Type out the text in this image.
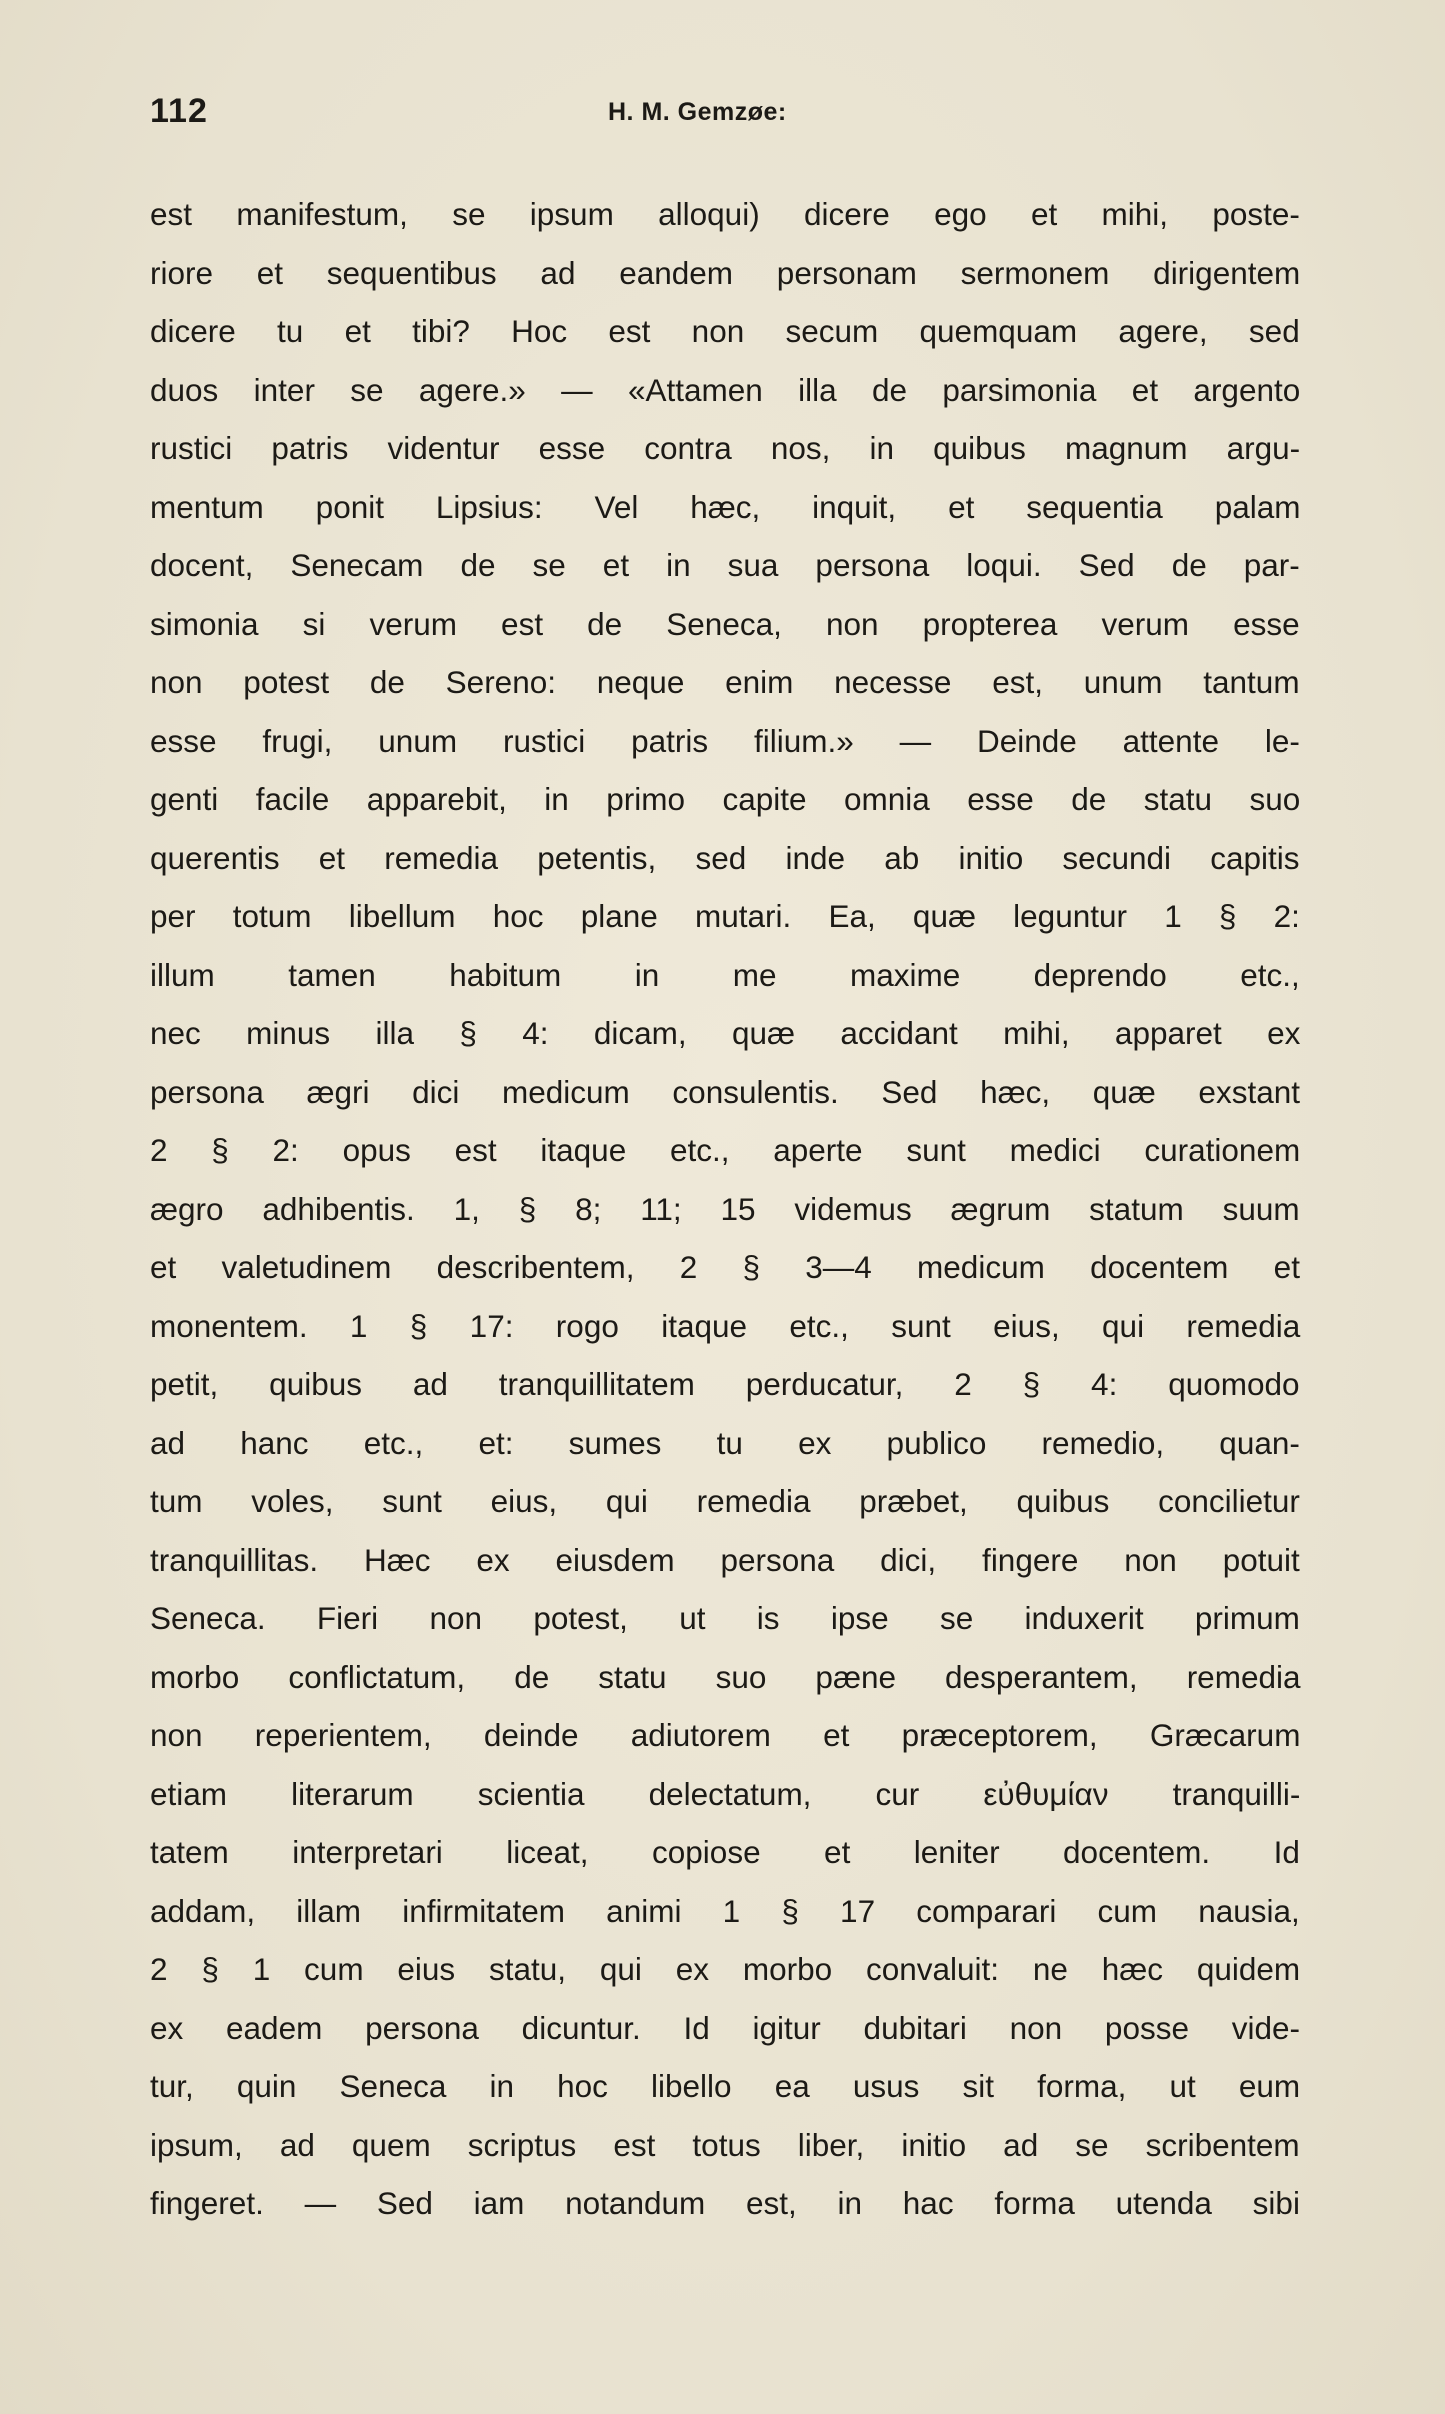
112	H. M. Gemzøe:
est manifestum, se ipsum alloqui) dicere ego et mihi, poste-
riore et sequentibus ad eandem personam sermonem dirigentem
dicere tu et tibi? Hoc est non secum quemquam agere, sed
duos inter se agere.» — «Attamen illa de parsimonia et argento
rustici patris videntur esse contra nos, in quibus magnum argu-
mentum ponit Lipsius: Vel hæc, inquit, et sequentia palam
docent, Senecam de se et in sua persona loqui. Sed de par-
simonia si verum est de Seneca, non propterea verum esse
non potest de Sereno: neque enim necesse est, unum tantum
esse frugi, unum rustici patris filium.» — Deinde attente le-
genti facile apparebit, in primo capite omnia esse de statu suo
querentis et remedia petentis, sed inde ab initio secundi capitis
per totum libellum hoc plane mutari. Ea, quæ leguntur 1 § 2:
illum tamen habitum in me maxime deprendo etc.,
nec minus illa § 4: dicam, quæ accidant mihi, apparet ex
persona ægri dici medicum consulentis. Sed hæc, quæ exstant
2 § 2: opus est itaque etc., aperte sunt medici curationem
ægro adhibentis. 1, § 8; 11; 15 videmus ægrum statum suum
et valetudinem describentem, 2 § 3—4 medicum docentem et
monentem. 1 § 17: rogo itaque etc., sunt eius, qui remedia
petit, quibus ad tranquillitatem perducatur, 2 § 4: quomodo
ad hanc etc., et: sumes tu ex publico remedio, quan-
tum voles, sunt eius, qui remedia præbet, quibus concilietur
tranquillitas. Hæc ex eiusdem persona dici, fingere non potuit
Seneca. Fieri non potest, ut is ipse se induxerit primum
morbo conflictatum, de statu suo pæne desperantem, remedia
non reperientem, deinde adiutorem et præceptorem, Græcarum
etiam literarum scientia delectatum, cur εὐθυμίαν tranquilli-
tatem interpretari liceat, copiose et leniter docentem. Id
addam, illam infirmitatem animi 1 § 17 comparari cum nausia,
2 § 1 cum eius statu, qui ex morbo convaluit: ne hæc quidem
ex eadem persona dicuntur. Id igitur dubitari non posse vide-
tur, quin Seneca in hoc libello ea usus sit forma, ut eum
ipsum, ad quem scriptus est totus liber, initio ad se scribentem
fingeret. — Sed iam notandum est, in hac forma utenda sibi
